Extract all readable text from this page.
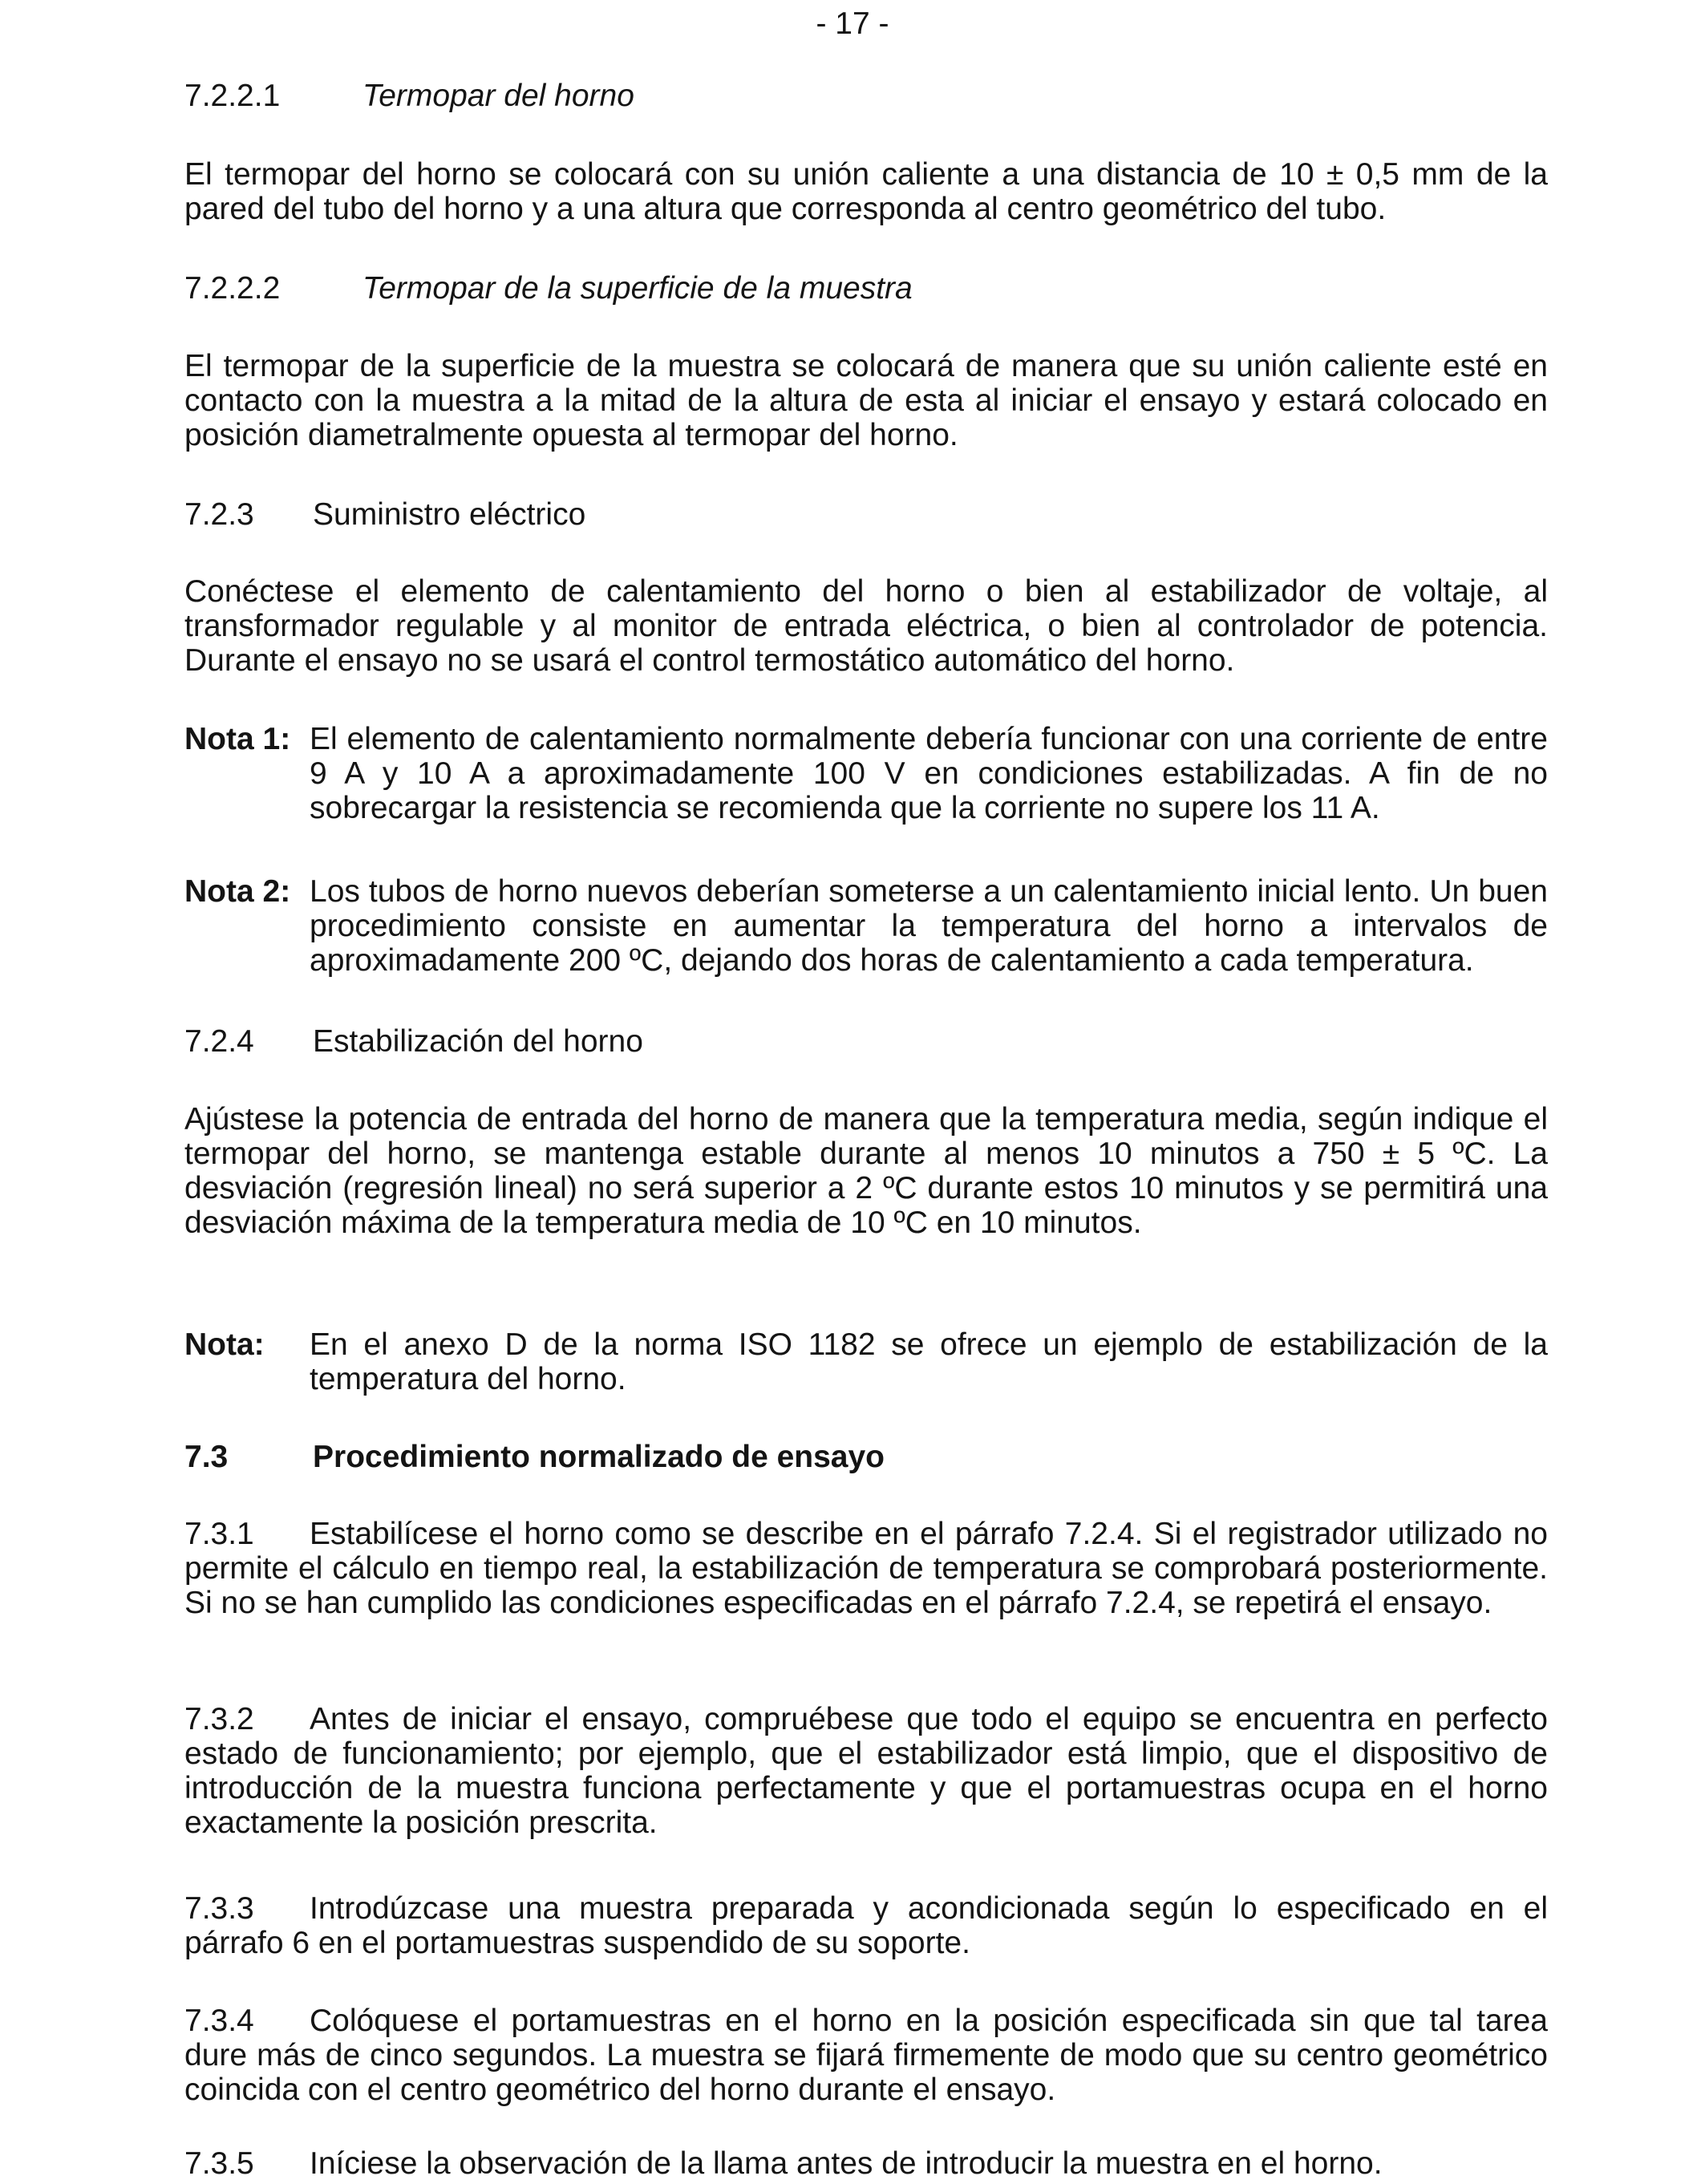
- 17 -
7.2.2.1	Termopar del horno
El termopar del horno se colocará con su unión caliente a una distancia de 10 ± 0,5 mm de la pared del tubo del horno y a una altura que corresponda al centro geométrico del tubo.
7.2.2.2	Termopar de la superficie de la muestra
El termopar de la superficie de la muestra se colocará de manera que su unión caliente esté en contacto con la muestra a la mitad de la altura de esta al iniciar el ensayo y estará colocado en posición diametralmente opuesta al termopar del horno.
7.2.3 Suministro eléctrico
Conéctese el elemento de calentamiento del horno o bien al estabilizador de voltaje, al transformador regulable y al monitor de entrada eléctrica, o bien al controlador de potencia. Durante el ensayo no se usará el control termostático automático del horno.
Nota 1: El elemento de calentamiento normalmente debería funcionar con una corriente de entre 9 A y 10 A a aproximadamente 100 V en condiciones estabilizadas. A fin de no sobrecargar la resistencia se recomienda que la corriente no supere los 11 A.
Nota 2: Los tubos de horno nuevos deberían someterse a un calentamiento inicial lento. Un buen procedimiento consiste en aumentar la temperatura del horno a intervalos de aproximadamente 200 ºC, dejando dos horas de calentamiento a cada temperatura.
7.2.4 Estabilización del horno
Ajústese la potencia de entrada del horno de manera que la temperatura media, según indique el termopar del horno, se mantenga estable durante al menos 10 minutos a 750 ± 5 ºC. La desviación (regresión lineal) no será superior a 2 ºC durante estos 10 minutos y se permitirá una desviación máxima de la temperatura media de 10 ºC en 10 minutos.
Nota: En el anexo D de la norma ISO 1182 se ofrece un ejemplo de estabilización de la temperatura del horno.
7.3	Procedimiento normalizado de ensayo
7.3.1 Estabilícese el horno como se describe en el párrafo 7.2.4. Si el registrador utilizado no permite el cálculo en tiempo real, la estabilización de temperatura se comprobará posteriormente. Si no se han cumplido las condiciones especificadas en el párrafo 7.2.4, se repetirá el ensayo.
7.3.2 Antes de iniciar el ensayo, compruébese que todo el equipo se encuentra en perfecto estado de funcionamiento; por ejemplo, que el estabilizador está limpio, que el dispositivo de introducción de la muestra funciona perfectamente y que el portamuestras ocupa en el horno exactamente la posición prescrita.
7.3.3 Introdúzcase una muestra preparada y acondicionada según lo especificado en el párrafo 6 en el portamuestras suspendido de su soporte.
7.3.4 Colóquese el portamuestras en el horno en la posición especificada sin que tal tarea dure más de cinco segundos. La muestra se fijará firmemente de modo que su centro geométrico coincida con el centro geométrico del horno durante el ensayo.
7.3.5 Iníciese la observación de la llama antes de introducir la muestra en el horno.
